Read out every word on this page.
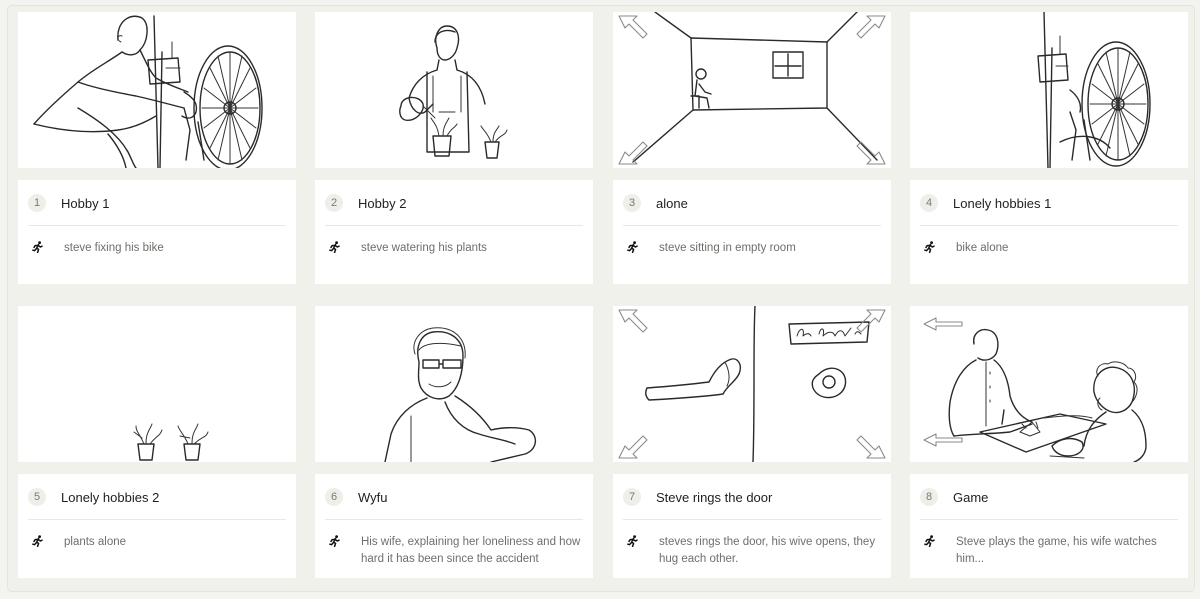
1	Hobby 1
steve fixing his bike
2	Hobby 2
steve watering his plants
3	alone
steve sitting in empty room
4	Lonely hobbies 1
bike alone
5	Lonely hobbies 2
plants alone
6	Wyfu
His wife, explaining her loneliness and how hard it has been since the accident
7	Steve rings the door
steves rings the door, his wive opens, they hug each other.
8	Game
Steve plays the game, his wife watches him...
